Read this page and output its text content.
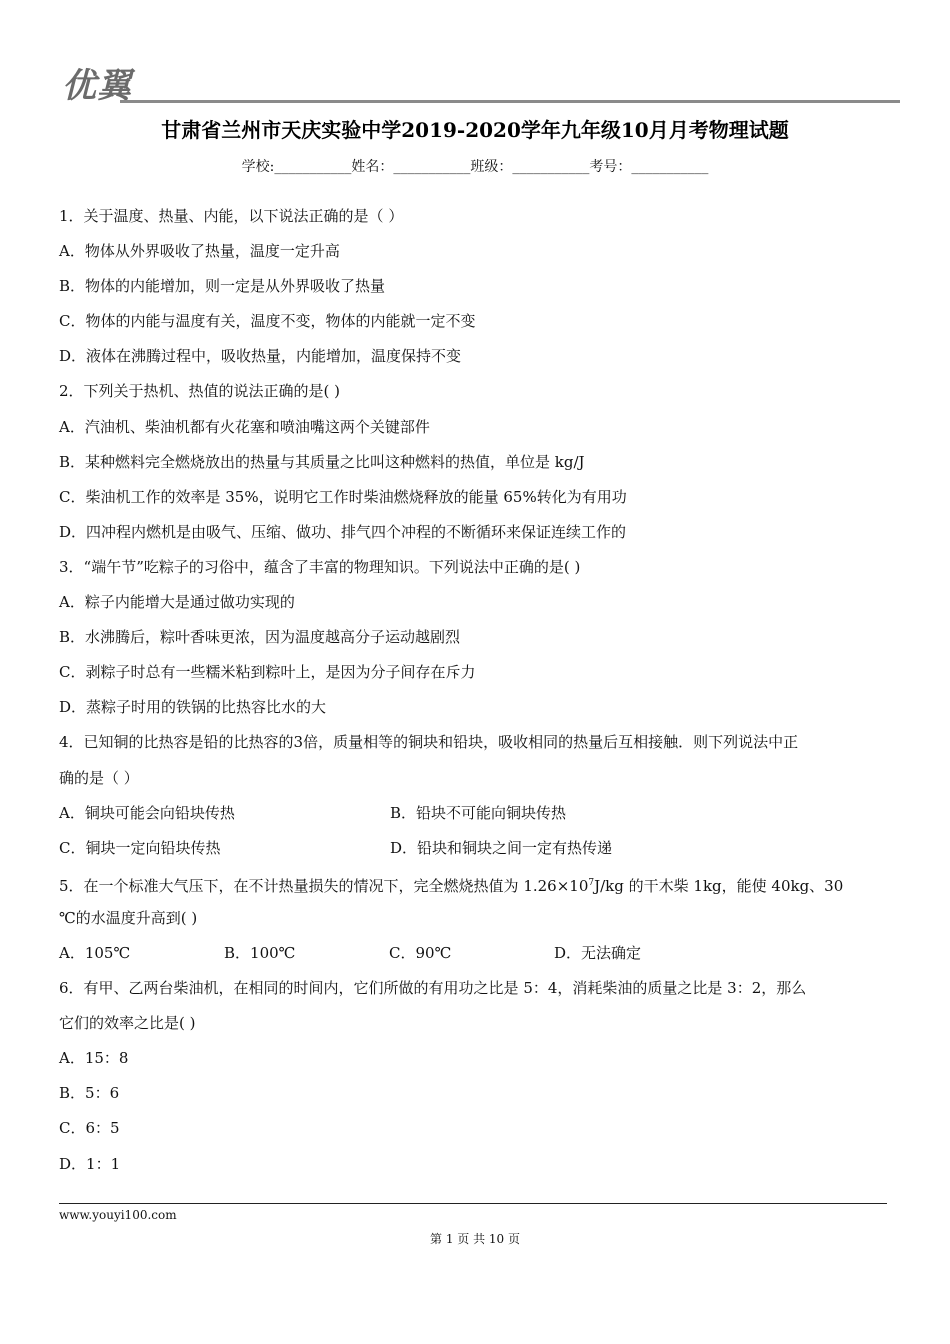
优翼
甘肃省兰州市天庆实验中学2019-2020学年九年级10月月考物理试题
学校:___________姓名：___________班级：___________考号：___________
1．关于温度、热量、内能，以下说法正确的是（ ）
A．物体从外界吸收了热量，温度一定升高
B．物体的内能增加，则一定是从外界吸收了热量
C．物体的内能与温度有关，温度不变，物体的内能就一定不变
D．液体在沸腾过程中，吸收热量，内能增加，温度保持不变
2．下列关于热机、热值的说法正确的是( )
A．汽油机、柴油机都有火花塞和喷油嘴这两个关键部件
B．某种燃料完全燃烧放出的热量与其质量之比叫这种燃料的热值，单位是 kg/J
C．柴油机工作的效率是 35%，说明它工作时柴油燃烧释放的能量 65%转化为有用功
D．四冲程内燃机是由吸气、压缩、做功、排气四个冲程的不断循环来保证连续工作的
3．“端午节”吃粽子的习俗中，蕴含了丰富的物理知识。下列说法中正确的是( )
A．粽子内能增大是通过做功实现的
B．水沸腾后，粽叶香味更浓，因为温度越高分子运动越剧烈
C．剥粽子时总有一些糯米粘到粽叶上，是因为分子间存在斥力
D．蒸粽子时用的铁锅的比热容比水的大
4．已知铜的比热容是铅的比热容的3倍，质量相等的铜块和铅块，吸收相同的热量后互相接触．则下列说法中正
确的是（ ）
A．铜块可能会向铅块传热	B．铅块不可能向铜块传热
C．铜块一定向铅块传热	D．铅块和铜块之间一定有热传递
5．在一个标准大气压下，在不计热量损失的情况下，完全燃烧热值为 $1.26\times 10^7J/kg$ 的干木柴 1kg，能使 40kg、30
℃的水温度升高到( )
A．105℃	B．100℃	C．90℃	D．无法确定
6．有甲、乙两台柴油机，在相同的时间内，它们所做的有用功之比是 5：4，消耗柴油的质量之比是 3：2，那么
它们的效率之比是( )
A．15：8
B．5：6
C．6：5
D．1：1
www.youyi100.com
第 1 页 共 10 页
